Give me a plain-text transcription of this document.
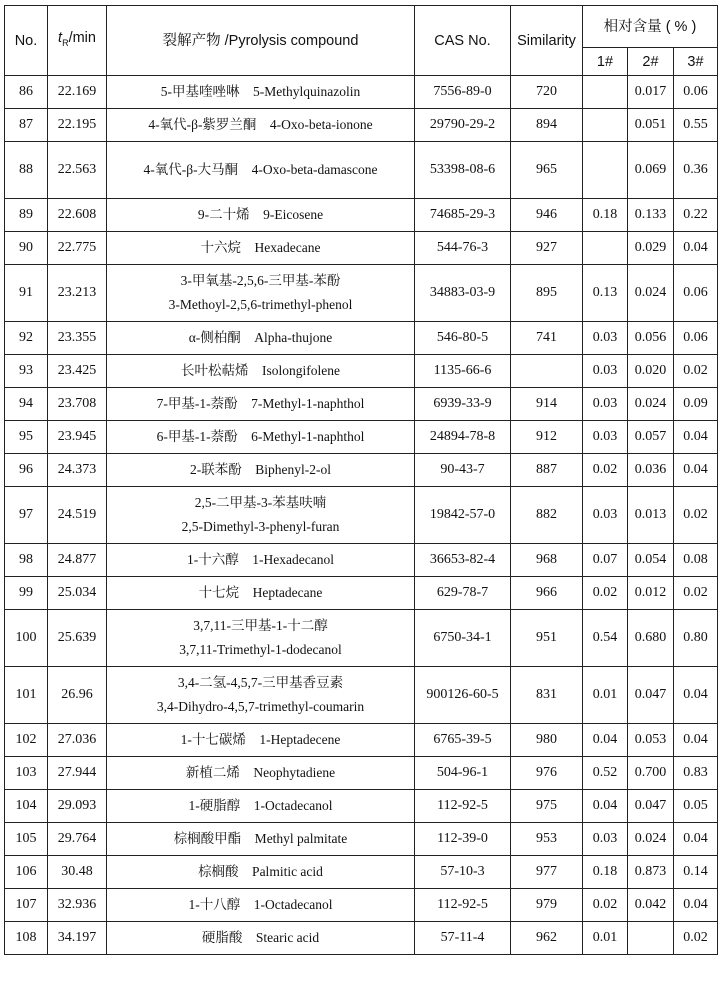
No.	$t_R/\min$	裂解产物 /Pyrolysis compound	CAS No.	Similarity	相对含量 ( % )		
					1#	2#	3#
86	22.169	5-甲基喹唑啉　5-Methylquinazolin	7556-89-0	720		0.017	0.06
87	22.195	4-氧代-β-紫罗兰酮　4-Oxo-beta-ionone	29790-29-2	894		0.051	0.55
88	22.563	4-氧代-β-大马酮　4-Oxo-beta-damascone	53398-08-6	965		0.069	0.36
89	22.608	9-二十烯　9-Eicosene	74685-29-3	946	0.18	0.133	0.22
90	22.775	十六烷　Hexadecane	544-76-3	927		0.029	0.04
91	23.213	3-甲氧基-2,5,6-三甲基-苯酚
3-Methoyl-2,5,6-trimethyl-phenol	34883-03-9	895	0.13	0.024	0.06
92	23.355	α-侧柏酮　Alpha-thujone	546-80-5	741	0.03	0.056	0.06
93	23.425	长叶松萜烯　Isolongifolene	1135-66-6		0.03	0.020	0.02
94	23.708	7-甲基-1-萘酚　7-Methyl-1-naphthol	6939-33-9	914	0.03	0.024	0.09
95	23.945	6-甲基-1-萘酚　6-Methyl-1-naphthol	24894-78-8	912	0.03	0.057	0.04
96	24.373	2-联苯酚　Biphenyl-2-ol	90-43-7	887	0.02	0.036	0.04
97	24.519	2,5-二甲基-3-苯基呋喃
2,5-Dimethyl-3-phenyl-furan	19842-57-0	882	0.03	0.013	0.02
98	24.877	1-十六醇　1-Hexadecanol	36653-82-4	968	0.07	0.054	0.08
99	25.034	十七烷　Heptadecane	629-78-7	966	0.02	0.012	0.02
100	25.639	3,7,11-三甲基-1-十二醇
3,7,11-Trimethyl-1-dodecanol	6750-34-1	951	0.54	0.680	0.80
101	26.96	3,4-二氢-4,5,7-三甲基香豆素
3,4-Dihydro-4,5,7-trimethyl-coumarin	900126-60-5	831	0.01	0.047	0.04
102	27.036	1-十七碳烯　1-Heptadecene	6765-39-5	980	0.04	0.053	0.04
103	27.944	新植二烯　Neophytadiene	504-96-1	976	0.52	0.700	0.83
104	29.093	1-硬脂醇　1-Octadecanol	112-92-5	975	0.04	0.047	0.05
105	29.764	棕榈酸甲酯　Methyl palmitate	112-39-0	953	0.03	0.024	0.04
106	30.48	棕榈酸　Palmitic acid	57-10-3	977	0.18	0.873	0.14
107	32.936	1-十八醇　1-Octadecanol	112-92-5	979	0.02	0.042	0.04
108	34.197	硬脂酸　Stearic acid	57-11-4	962	0.01		0.02
